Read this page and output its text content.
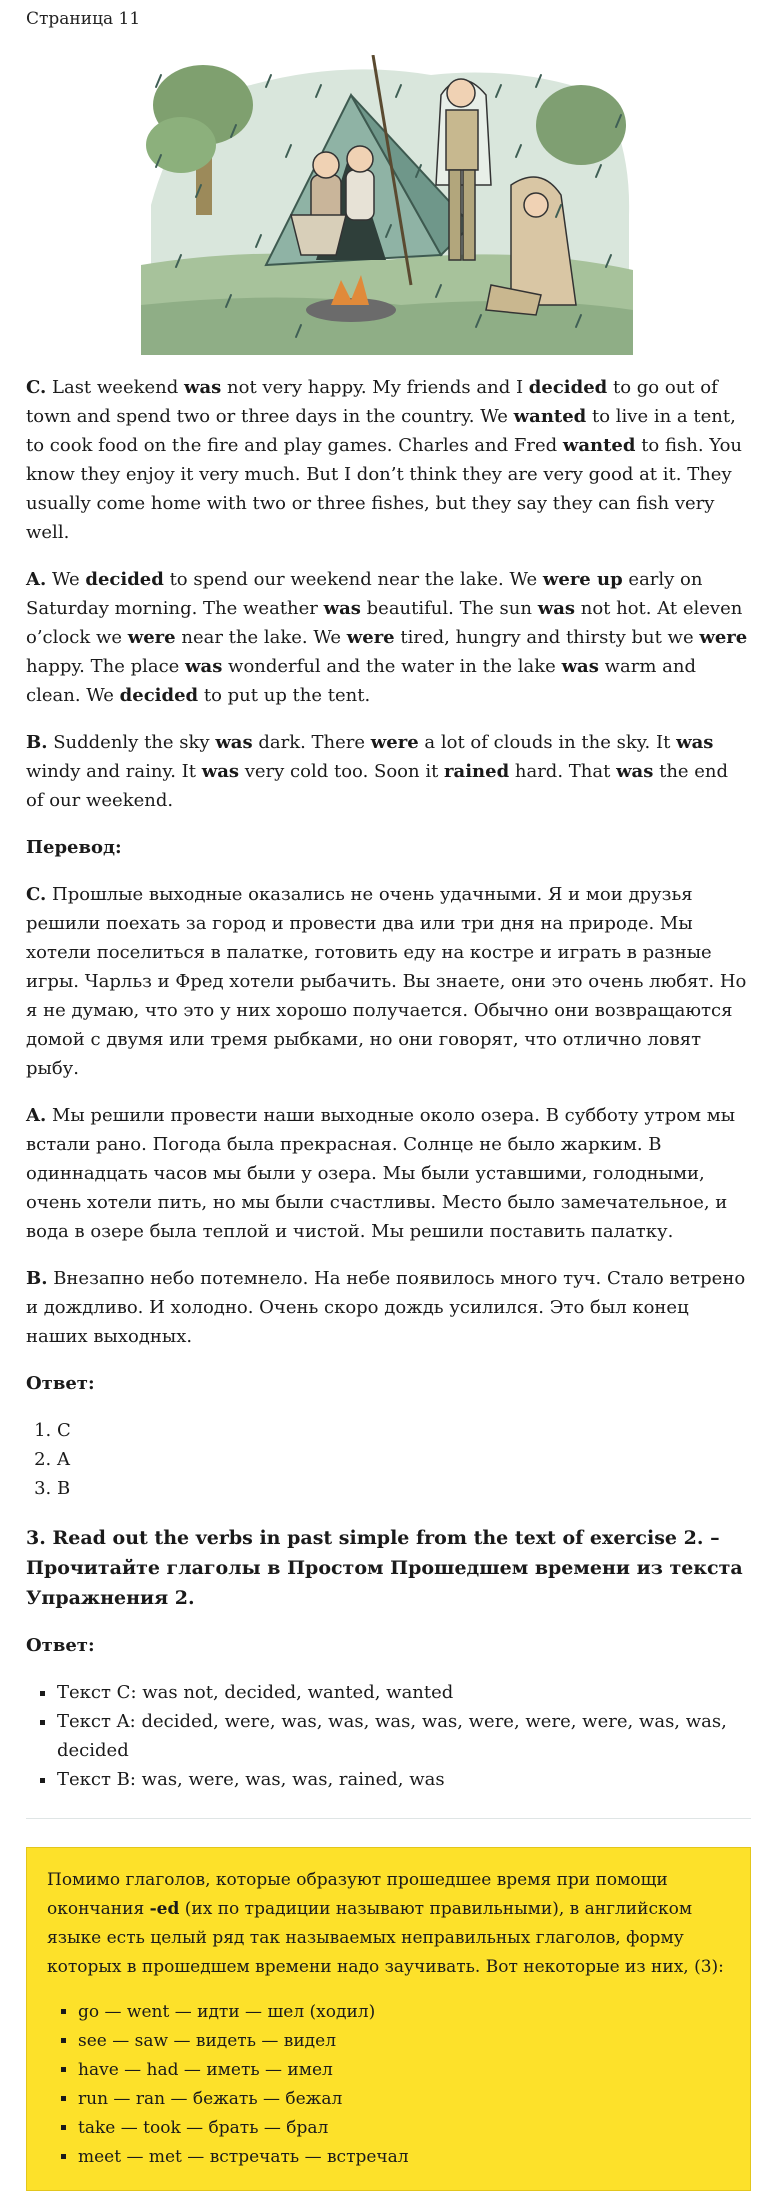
Страница 11

C. Last weekend was not very happy. My friends and I decided to go out of town and spend two or three days in the country. We wanted to live in a tent, to cook food on the fire and play games. Charles and Fred wanted to fish. You know they enjoy it very much. But I don’t think they are very good at it. They usually come home with two or three fishes, but they say they can fish very well.

A. We decided to spend our weekend near the lake. We were up early on Saturday morning. The weather was beautiful. The sun was not hot. At eleven o’clock we were near the lake. We were tired, hungry and thirsty but we were happy. The place was wonderful and the water in the lake was warm and clean. We decided to put up the tent.

B. Suddenly the sky was dark. There were a lot of clouds in the sky. It was windy and rainy. It was very cold too. Soon it rained hard. That was the end of our weekend.

Перевод:

C. Прошлые выходные оказались не очень удачными. Я и мои друзья решили поехать за город и провести два или три дня на природе. Мы хотели поселиться в палатке, готовить еду на костре и играть в разные игры. Чарльз и Фред хотели рыбачить. Вы знаете, они это очень любят. Но я не думаю, что это у них хорошо получается. Обычно они возвращаются домой с двумя или тремя рыбками, но они говорят, что отлично ловят рыбу.

A. Мы решили провести наши выходные около озера. В субботу утром мы встали рано. Погода была прекрасная. Солнце не было жарким. В одиннадцать часов мы были у озера. Мы были уставшими, голодными, очень хотели пить, но мы были счастливы. Место было замечательное, и вода в озере была теплой и чистой. Мы решили поставить палатку.

B. Внезапно небо потемнело. На небе появилось много туч. Стало ветрено и дождливо. И холодно. Очень скоро дождь усилился. Это был конец наших выходных.

Ответ:
1. C
2. A
3. B
3. Read out the verbs in past simple from the text of exercise 2. – Прочитайте глаголы в Простом Прошедшем времени из текста Упражнения 2.
Ответ:
▪ Текст C: was not, decided, wanted, wanted
▪ Текст A: decided, were, was, was, was, was, were, were, were, was, was, decided
▪ Текст B: was, were, was, was, rained, was

Помимо глаголов, которые образуют прошедшее время при помощи окончания -ed (их по традиции называют правильными), в английском языке есть целый ряд так называемых неправильных глаголов, форму которых в прошедшем времени надо заучивать. Вот некоторые из них, (3):

▪ go — went — идти — шел (ходил)
▪ see — saw — видеть — видел
▪ have — had — иметь — имел
▪ run — ran — бежать — бежал
▪ take — took — брать — брал
▪ meet — met — встречать — встречал
